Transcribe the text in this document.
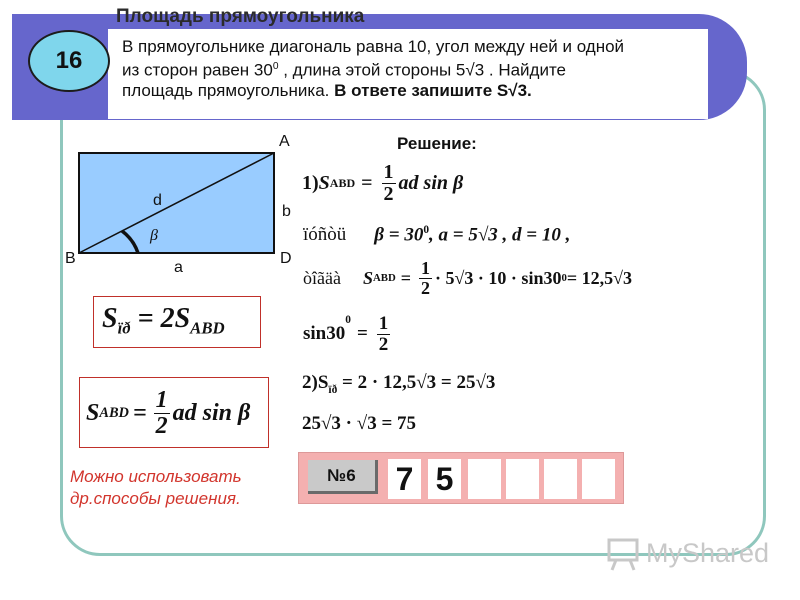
Площадь прямоугольника
16
В прямоугольнике диагональ равна 10, угол между ней и одной
из сторон равен $30^0$ , длина этой стороны 5√3 . Найдите
площадь прямоугольника. В ответе запишите S√3.
A
B	D
d
b
a
β
$S_{ïð} = 2S_{ABD}$
S ABD = $\frac{1}{2}$ ad sin β
Решение:
1) S ABD = $\frac{1}{2}$ ad sin β
ïóñòü $\beta = 30^0$, a = 5√3 , d = 10 ,
òîãäà S ABD = $\frac{1}{2} \cdot 5√3 \cdot 10 \cdot \sin 30$ 0 = 12,5√3
sin30
$^0$
= $\frac{1}{2}$
$2)S_{ïð} = 2 \cdot 12,5√3 = 25√3$
25√3 · √3 = 75
Можно использовать
др.способы решения.
№6	7 5
MyShared
